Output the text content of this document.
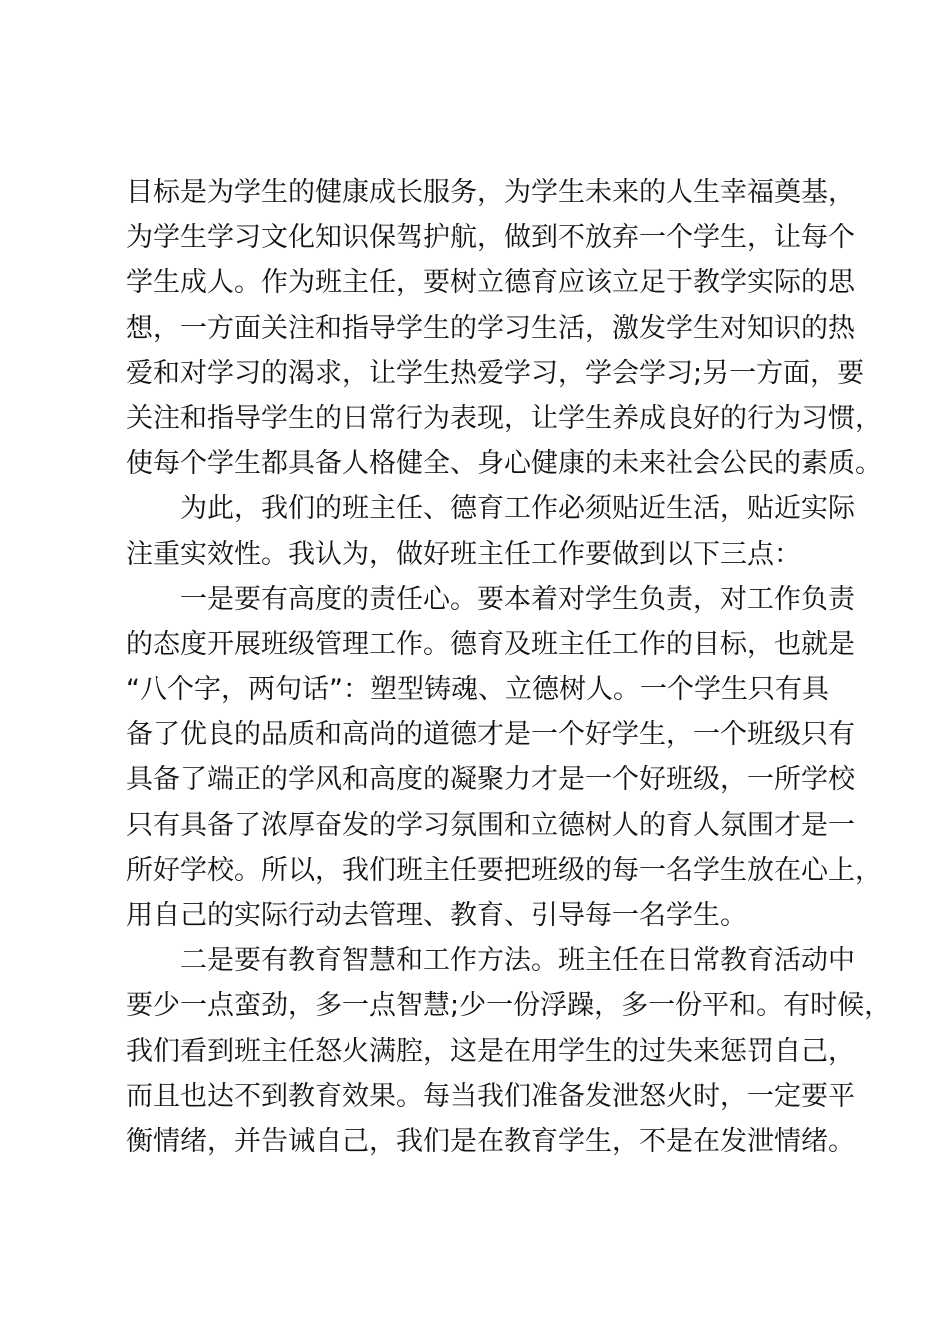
目标是为学生的健康成长服务，为学生未来的人生幸福奠基，
为学生学习文化知识保驾护航，做到不放弃一个学生，让每个
学生成人。作为班主任，要树立德育应该立足于教学实际的思
想，一方面关注和指导学生的学习生活，激发学生对知识的热
爱和对学习的渴求，让学生热爱学习，学会学习;另一方面，要
关注和指导学生的日常行为表现，让学生养成良好的行为习惯，
使每个学生都具备人格健全、身心健康的未来社会公民的素质。
为此，我们的班主任、德育工作必须贴近生活，贴近实际
注重实效性。我认为，做好班主任工作要做到以下三点：
一是要有高度的责任心。要本着对学生负责，对工作负责
的态度开展班级管理工作。德育及班主任工作的目标，也就是
“八个字，两句话”：塑型铸魂、立德树人。一个学生只有具
备了优良的品质和高尚的道德才是一个好学生，一个班级只有
具备了端正的学风和高度的凝聚力才是一个好班级，一所学校
只有具备了浓厚奋发的学习氛围和立德树人的育人氛围才是一
所好学校。所以，我们班主任要把班级的每一名学生放在心上，
用自己的实际行动去管理、教育、引导每一名学生。
二是要有教育智慧和工作方法。班主任在日常教育活动中
要少一点蛮劲，多一点智慧;少一份浮躁，多一份平和。有时候，
我们看到班主任怒火满腔，这是在用学生的过失来惩罚自己，
而且也达不到教育效果。每当我们准备发泄怒火时，一定要平
衡情绪，并告诫自己，我们是在教育学生，不是在发泄情绪。
